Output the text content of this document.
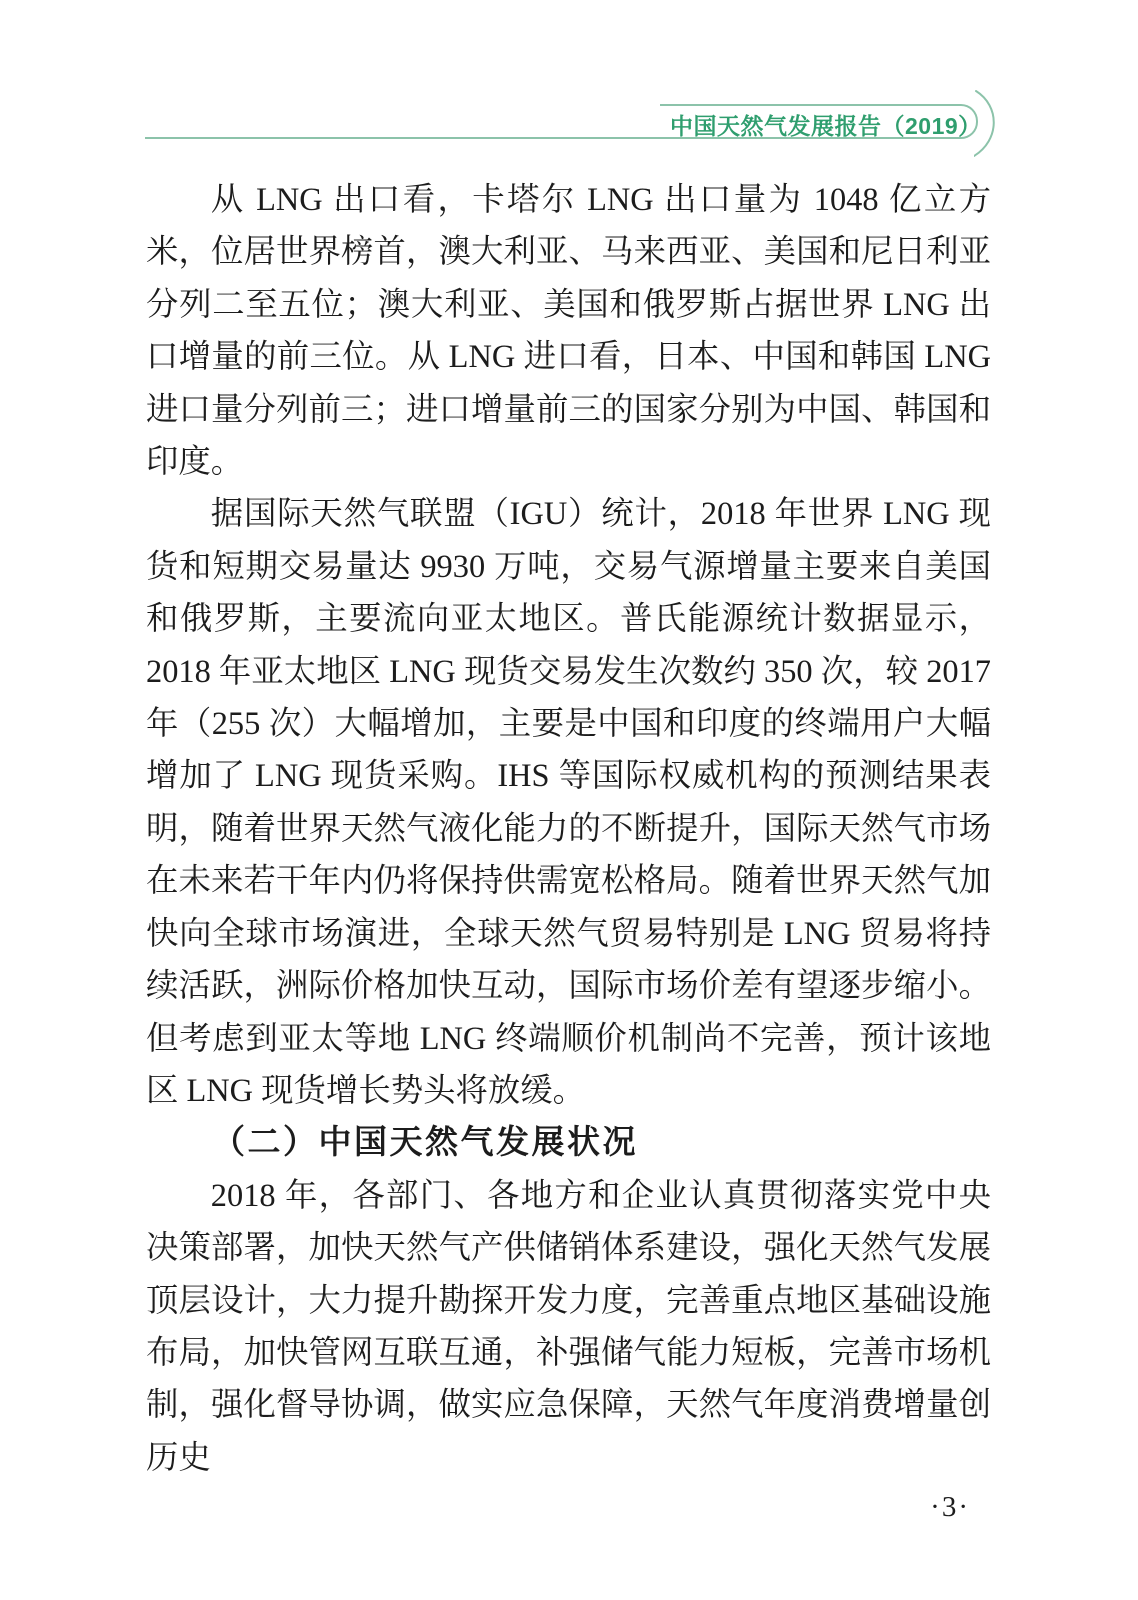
中国天然气发展报告（2019）

从 LNG 出口看，卡塔尔 LNG 出口量为 1048 亿立方米，位居世界榜首，澳大利亚、马来西亚、美国和尼日利亚分列二至五位；澳大利亚、美国和俄罗斯占据世界 LNG 出口增量的前三位。从 LNG 进口看，日本、中国和韩国 LNG 进口量分列前三；进口增量前三的国家分别为中国、韩国和印度。

据国际天然气联盟（IGU）统计，2018 年世界 LNG 现货和短期交易量达 9930 万吨，交易气源增量主要来自美国和俄罗斯，主要流向亚太地区。普氏能源统计数据显示，2018 年亚太地区 LNG 现货交易发生次数约 350 次，较 2017 年（255 次）大幅增加，主要是中国和印度的终端用户大幅增加了 LNG 现货采购。IHS 等国际权威机构的预测结果表明，随着世界天然气液化能力的不断提升，国际天然气市场在未来若干年内仍将保持供需宽松格局。随着世界天然气加快向全球市场演进，全球天然气贸易特别是 LNG 贸易将持续活跃，洲际价格加快互动，国际市场价差有望逐步缩小。但考虑到亚太等地 LNG 终端顺价机制尚不完善，预计该地区 LNG 现货增长势头将放缓。

（二）中国天然气发展状况

2018 年，各部门、各地方和企业认真贯彻落实党中央决策部署，加快天然气产供储销体系建设，强化天然气发展顶层设计，大力提升勘探开发力度，完善重点地区基础设施布局，加快管网互联互通，补强储气能力短板，完善市场机制，强化督导协调，做实应急保障，天然气年度消费增量创历史

·3·
